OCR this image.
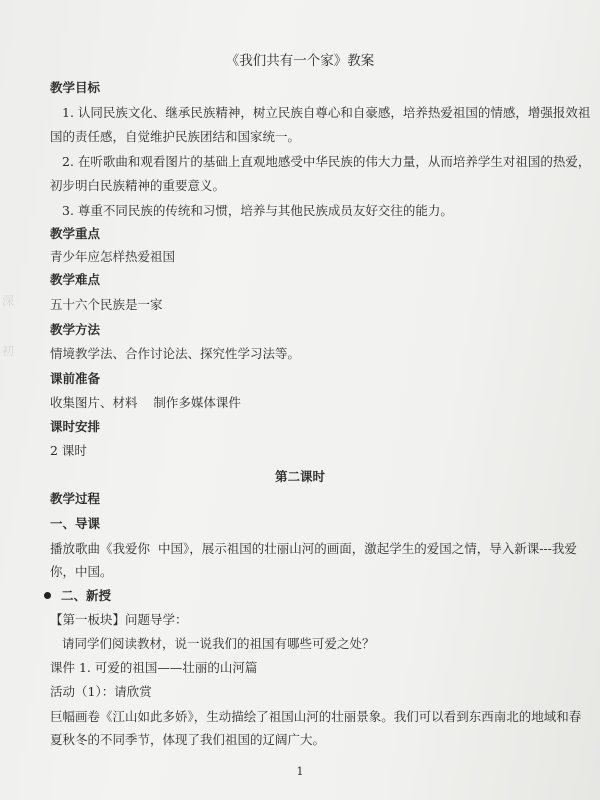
深
初
《我们共有一个家》教案
教学目标
1. 认同民族文化、继承民族精神，树立民族自尊心和自豪感，培养热爱祖国的情感，增强报效祖
国的责任感，自觉维护民族团结和国家统一。
2. 在听歌曲和观看图片的基础上直观地感受中华民族的伟大力量，从而培养学生对祖国的热爱，
初步明白民族精神的重要意义。
3. 尊重不同民族的传统和习惯，培养与其他民族成员友好交往的能力。
教学重点
青少年应怎样热爱祖国
教学难点
五十六个民族是一家
教学方法
情境教学法、合作讨论法、探究性学习法等。
课前准备
收集图片、材料    制作多媒体课件
课时安排
2 课时
第二课时
教学过程
一、导课
播放歌曲《我爱你  中国》，展示祖国的壮丽山河的画面，激起学生的爱国之情，导入新课---我爱
你，中国。
二、新授
【第一板块】问题导学：
请同学们阅读教材，说一说我们的祖国有哪些可爱之处？
课件 1. 可爱的祖国——壮丽的山河篇
活动（1）：请欣赏
巨幅画卷《江山如此多娇》，生动描绘了祖国山河的壮丽景象。我们可以看到东西南北的地域和春
夏秋冬的不同季节，体现了我们祖国的辽阔广大。
1
